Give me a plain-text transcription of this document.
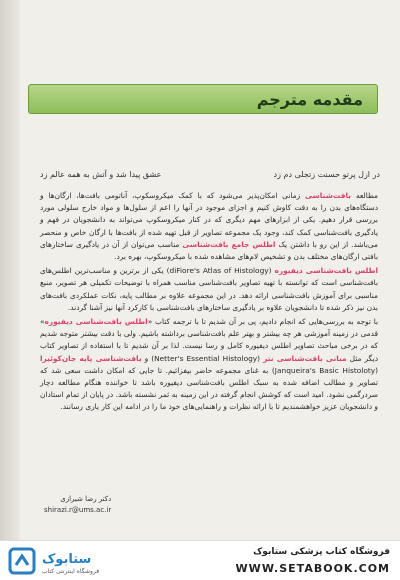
مقدمه مترجم
در ازل پرتو حسنت زتجلی دم زد
عشق پیدا شد و آتش به همه عالم زد

مطالعه بافت‌شناسی زمانی امکان‌پذیر می‌شود که با کمک میکروسکوپ، آناتومی بافت‌ها، ارگان‌ها و دستگاه‌های بدن را به دقت کاوش کنیم و اجزای موجود در آنها را اعم از سلول‌ها و مواد خارج سلولی مورد بررسی قرار دهیم. یکی از ابزارهای مهم دیگری که در کنار میکروسکوپ می‌تواند به دانشجویان در فهم و یادگیری بافت‌شناسی کمک کند، وجود یک مجموعه تصاویر از قبل تهیه شده از بافت‌ها با ارگان خاص و منحصر می‌باشد. از این رو با داشتن یک اطلس جامع بافت‌شناسی مناسب می‌توان از آن در یادگیری ساختارهای بافتی ارگان‌های مختلف بدن و تشخیص لام‌های مشاهده شده با میکروسکوپ، بهره برد.

اطلس بافت‌شناسی دیفیوره (diFiore's Atlas of Histology) یکی از برترین و مناسب‌ترین اطلس‌های بافت‌شناسی است که توانسته با تهیه تصاویر بافت‌شناسی مناسب همراه با توضیحات تکمیلی هر تصویر، منبع مناسبی برای آموزش بافت‌شناسی ارائه دهد. در این مجموعه علاوه بر مطالب پایه، نکات عملکردی بافت‌های بدن نیز ذکر شده تا دانشجویان علاوه بر یادگیری ساختارهای بافت‌شناسی با کارکرد آنها نیز آشنا گردند.

با توجه به بررسی‌هایی که انجام دادیم، پی بر آن شدیم تا با ترجمه کتاب «اطلس بافت‌شناسی دیفیوره» قدمی در زمینه آموزشی هر چه بیشتر و بهتر علم بافت‌شناسی برداشته باشیم. ولی با دقت بیشتر متوجه شدیم که در برخی مباحث تصاویر اطلس دیفیوره کامل و رسا نیست. لذا بر آن شدیم تا با استفاده از تصاویر کتاب دیگر مثل مبانی بافت‌شناسی نتر (Netter's Essential Histology) و بافت‌شناسی پایه جان‌کوئیرا (Janqueira's Basic Histoloty) به غنای مجموعه حاضر بیفزائیم. تا جایی که امکان داشت سعی شد که تصاویر و مطالب اضافه شده به سبک اطلس بافت‌شناسی دیفیوره باشد تا خواننده هنگام مطالعه دچار سردرگمی نشود. امید است که کوشش انجام گرفته در این زمینه به ثمر نشسته باشد. در پایان از تمام استادان و دانشجویان عزیز خواهشمندیم تا با ارائه نظرات و راهنمایی‌های خود ما را در ادامه این کار یاری رسانند.

دکتر رضا شیرازی
shirazi.r@ums.ac.ir
ستابوک
فروشگاه اینترنتی کتاب
فروشگاه کتاب پزشکی ستابوک
WWW.SETABOOK.COM
